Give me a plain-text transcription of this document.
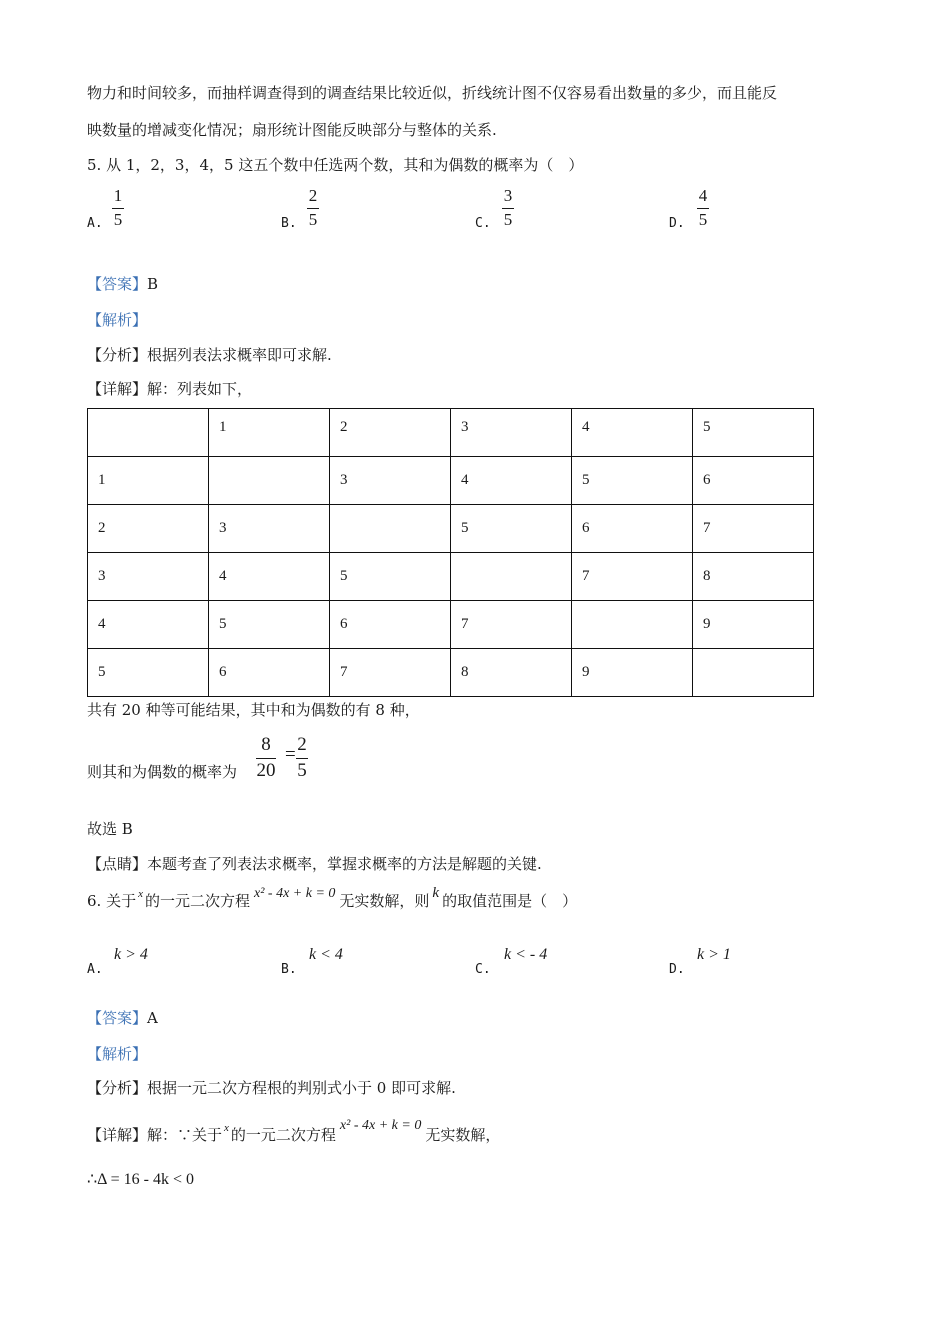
物力和时间较多，而抽样调查得到的调查结果比较近似，折线统计图不仅容易看出数量的多少，而且能反
映数量的增减变化情况；扇形统计图能反映部分与整体的关系.
5. 从 1，2，3，4，5 这五个数中任选两个数，其和为偶数的概率为（　）
A.
1
5	B.
2
5	C.
3
5	D.
4
5
【答案】B
【解析】
【分析】根据列表法求概率即可求解.
【详解】解：列表如下，
	1	2	3	4	5
1		3	4	5	6
2	3		5	6	7
3	4	5		7	8
4	5	6	7		9
5	6	7	8	9	
共有 20 种等可能结果，其中和为偶数的有 8 种，
则其和为偶数的概率为
8
20
= 2
5
故选 B
【点睛】本题考查了列表法求概率，掌握求概率的方法是解题的关键.
6. 关于 $^x$ 的一元二次方程 x² - 4x + k = 0 无实数解，则 k 的取值范围是（　）
A.
k > 4
B.
k < 4
C.
k < - 4
D.
k > 1
【答案】A
【解析】
【分析】根据一元二次方程根的判别式小于 0 即可求解.
【详解】解：∵关于 $^x$ 的一元二次方程x² - 4x + k = 0无实数解，
∴Δ = 16 - 4k < 0
